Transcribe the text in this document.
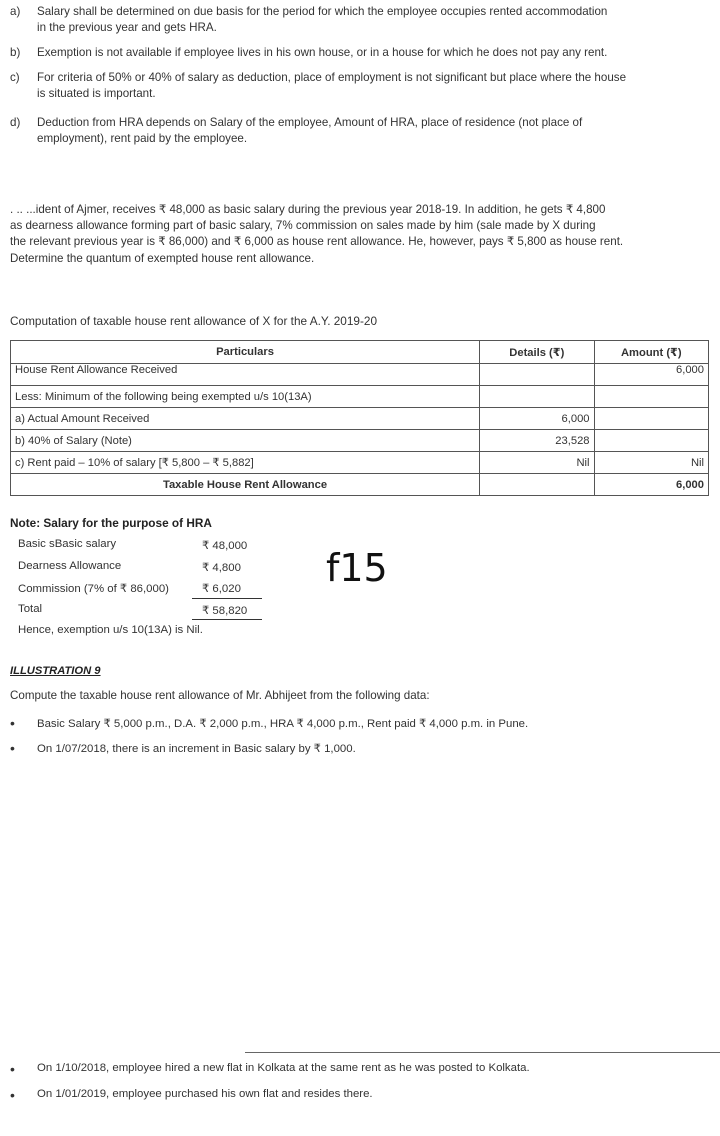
a)	Salary shall be determined on due basis for the period for which the employee occupies rented accommodation
in the previous year and gets HRA.
b)	Exemption is not available if employee lives in his own house, or in a house for which he does not pay any rent.
c)	For criteria of 50% or 40% of salary as deduction, place of employment is not significant but place where the house
is situated is important.
d)	Deduction from HRA depends on Salary of the employee, Amount of HRA, place of residence (not place of
employment), rent paid by the employee.
. .. ...ident of Ajmer, receives ₹ 48,000 as basic salary during the previous year 2018-19. In addition, he gets ₹ 4,800
as dearness allowance forming part of basic salary, 7% commission on sales made by him (sale made by X during
the relevant previous year is ₹ 86,000) and ₹ 6,000 as house rent allowance. He, however, pays ₹ 5,800 as house rent.
Determine the quantum of exempted house rent allowance.
Computation of taxable house rent allowance of X for the A.Y. 2019-20
Particulars	Details (₹)	Amount (₹)
House Rent Allowance Received		6,000
Less: Minimum of the following being exempted u/s 10(13A)		
a) Actual Amount Received	6,000	
b) 40% of Salary (Note)	23,528	
c) Rent paid – 10% of salary [₹ 5,800 – ₹ 5,882]	Nil	Nil
Taxable House Rent Allowance		6,000
Note: Salary for the purpose of HRA
Basic sBasic salary	₹ 48,000
Dearness Allowance	₹ 4,800
Commission (7% of ₹ 86,000)	₹ 6,020
Total	₹ 58,820
Hence, exemption u/s 10(13A) is Nil.
f15
ILLUSTRATION 9
Compute the taxable house rent allowance of Mr. Abhijeet from the following data:
•	Basic Salary ₹ 5,000 p.m., D.A. ₹ 2,000 p.m., HRA ₹ 4,000 p.m., Rent paid ₹ 4,000 p.m. in Pune.
•	On 1/07/2018, there is an increment in Basic salary by ₹ 1,000.
•	On 1/10/2018, employee hired a new flat in Kolkata at the same rent as he was posted to Kolkata.
•	On 1/01/2019, employee purchased his own flat and resides there.
